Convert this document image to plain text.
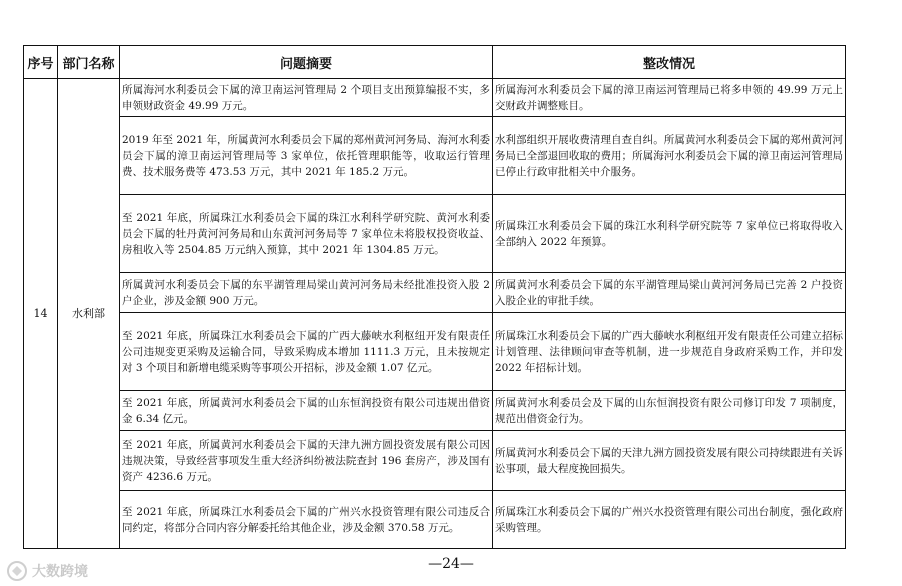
序号	部门名称	问题摘要	整改情况
14	水利部	所属海河水利委员会下属的漳卫南运河管理局 2 个项目支出预算编报不实，多申领财政资金 49.99 万元。	所属海河水利委员会下属的漳卫南运河管理局已将多申领的 49.99 万元上交财政并调整账目。
		2019 年至 2021 年，所属黄河水利委员会下属的郑州黄河河务局、海河水利委员会下属的漳卫南运河管理局等 3 家单位，依托管理职能等，收取运行管理费、技术服务费等 473.53 万元，其中 2021 年 185.2 万元。	水利部组织开展收费清理自查自纠。所属黄河水利委员会下属的郑州黄河河务局已全部退回收取的费用；所属海河水利委员会下属的漳卫南运河管理局已停止行政审批相关中介服务。
		至 2021 年底，所属珠江水利委员会下属的珠江水利科学研究院、黄河水利委员会下属的牡丹黄河河务局和山东黄河河务局等 7 家单位未将股权投资收益、房租收入等 2504.85 万元纳入预算，其中 2021 年 1304.85 万元。	所属珠江水利委员会下属的珠江水利科学研究院等 7 家单位已将取得收入全部纳入 2022 年预算。
		所属黄河水利委员会下属的东平湖管理局梁山黄河河务局未经批准投资入股 2 户企业，涉及金额 900 万元。	所属黄河水利委员会下属的东平湖管理局梁山黄河河务局已完善 2 户投资入股企业的审批手续。
		至 2021 年底，所属珠江水利委员会下属的广西大藤峡水利枢纽开发有限责任公司违规变更采购及运输合同，导致采购成本增加 1111.3 万元，且未按规定对 3 个项目和新增电缆采购等事项公开招标，涉及金额 1.07 亿元。	所属珠江水利委员会下属的广西大藤峡水利枢纽开发有限责任公司建立招标计划管理、法律顾问审查等机制，进一步规范自身政府采购工作，并印发 2022 年招标计划。
		至 2021 年底，所属黄河水利委员会下属的山东恒润投资有限公司违规出借资金 6.34 亿元。	所属黄河水利委员会及下属的山东恒润投资有限公司修订印发 7 项制度，规范出借资金行为。
		至 2021 年底，所属黄河水利委员会下属的天津九洲方圆投资发展有限公司因违规决策，导致经营事项发生重大经济纠纷被法院查封 196 套房产，涉及国有资产 4236.6 万元。	所属黄河水利委员会下属的天津九洲方圆投资发展有限公司持续跟进有关诉讼事项，最大程度挽回损失。
		至 2021 年底，所属珠江水利委员会下属的广州兴水投资管理有限公司违反合同约定，将部分合同内容分解委托给其他企业，涉及金额 370.58 万元。	所属珠江水利委员会下属的广州兴水投资管理有限公司出台制度，强化政府采购管理。
—24—
大数跨境
